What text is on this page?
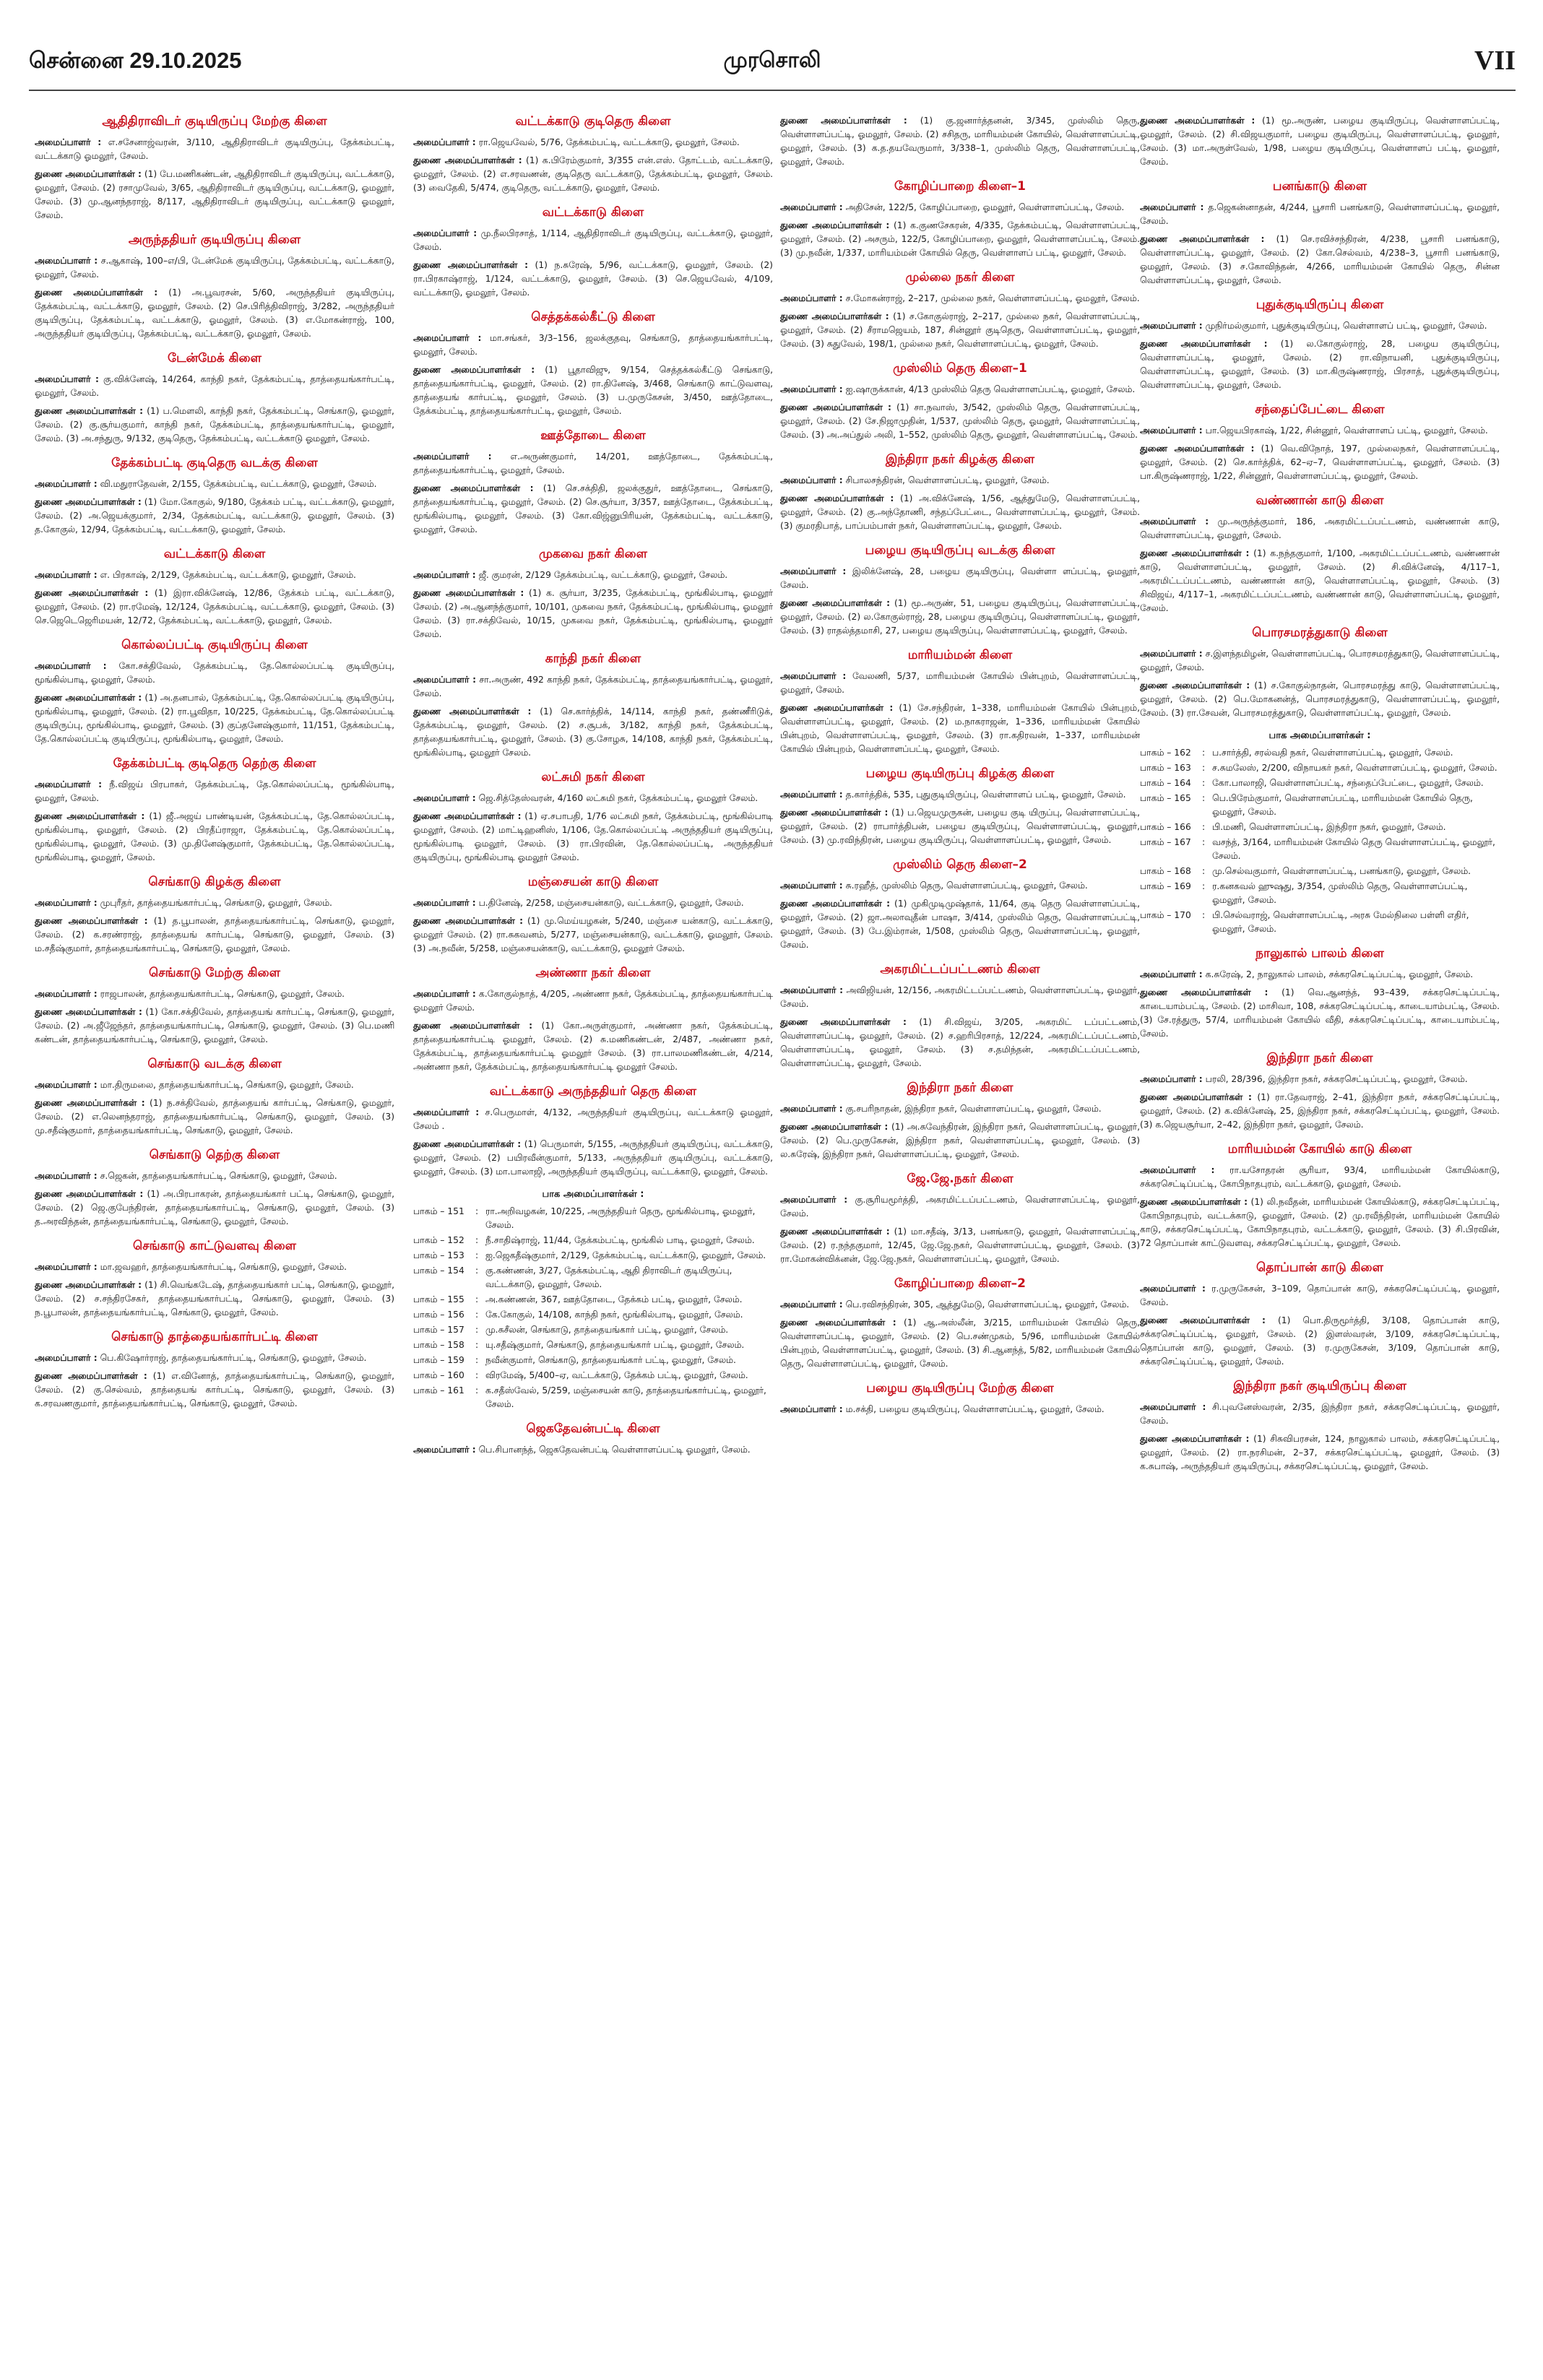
சென்னை 29.10.2025	முரசொலி	VII
ஆதிதிராவிடர் குடியிருப்பு மேற்கு கிளை

அமைப்பாளர் : எ.சசேனாஜ்வரன், 3/110, ஆதிதிராவிடர் குடியிருப்பு, தேக்கம்பட்டி, வட்டக்காடு ஓமலூர், சேலம்.

துணை அமைப்பாளர்கள் : (1) பே.மணிகண்டன், ஆதிதிராவிடர் குடியிருப்பு, வட்டக்காடு, ஓமலூர், சேலம். (2) ரசாமுவேல், 3/65, ஆதிதிராவிடர் குடியிருப்பு, வட்டக்காடு, ஓமலூர், சேலம். (3) மு.ஆனந்தராஜ், 8/117, ஆதிதிராவிடர் குடியிருப்பு, வட்டக்காடு ஓமலூர், சேலம்.

அருந்ததியர் குடியிருப்பு கிளை

அமைப்பாளர் : ச.ஆகாஷ், 100–எ/பி, டேன்மேக் குடியிருப்பு, தேக்கம்பட்டி, வட்டக்காடு, ஓமலூர், சேலம்.

துணை அமைப்பாளர்கள் : (1) அ.பூவரசன், 5/60, அருந்ததியர் குடியிருப்பு, தேக்கம்பட்டி, வட்டக்காடு, ஓமலூர், சேலம். (2) செ.பிரித்திவிராஜ், 3/282, அருந்ததியர் குடியிருப்பு, தேக்கம்பட்டி, வட்டக்காடு, ஓமலூர், சேலம். (3) எ.மோகன்ராஜ், 100, அருந்ததியர் குடியிருப்பு, தேக்கம்பட்டி, வட்டக்காடு, ஓமலூர், சேலம்.

டேன்மேக் கிளை

அமைப்பாளர் : கு.விக்னேஷ், 14/264, காந்தி நகர், தேக்கம்பட்டி, தாத்தையங்கார்பட்டி, ஓமலூர், சேலம்.

துணை அமைப்பாளர்கள் : (1) ப.மௌலி, காந்தி நகர், தேக்கம்பட்டி, செங்காடு, ஓமலூர், சேலம். (2) கு.சூர்யகுமார், காந்தி நகர், தேக்கம்பட்டி, தாத்தையங்கார்பட்டி, ஓமலூர், சேலம். (3) அ.சந்துரு, 9/132, குடிதெரு, தேக்கம்பட்டி, வட்டக்காடு ஓமலூர், சேலம்.

தேக்கம்பட்டி குடிதெரு வடக்கு கிளை

அமைப்பாளர் : வி.மதுராதேவன், 2/155, தேக்கம்பட்டி, வட்டக்காடு, ஓமலூர், சேலம்.

துணை அமைப்பாளர்கள் : (1) மோ.கோகுல், 9/180, தேக்கம் பட்டி, வட்டக்காடு, ஓமலூர், சேலம். (2) அ.ஜெயக்குமார், 2/34, தேக்கம்பட்டி, வட்டக்காடு, ஓமலூர், சேலம். (3) த.கோகுல், 12/94, தேக்கம்பட்டி, வட்டக்காடு, ஓமலூர், சேலம்.

வட்டக்காடு கிளை

அமைப்பாளர் : எ. பிரகாஷ், 2/129, தேக்கம்பட்டி, வட்டக்காடு, ஓமலூர், சேலம்.

துணை அமைப்பாளர்கள் : (1) இரா.விக்னேஷ், 12/86, தேக்கம் பட்டி, வட்டக்காடு, ஓமலூர், சேலம். (2) ரா.ரமேஷ், 12/124, தேக்கம்பட்டி, வட்டக்காடு, ஓமலூர், சேலம். (3) செ.ஜெடெஜெரிமயன், 12/72, தேக்கம்பட்டி, வட்டக்காடு, ஓமலூர், சேலம்.

கொல்லப்பட்டி குடியிருப்பு கிளை

அமைப்பாளர் : கோ.சக்திவேல், தேக்கம்பட்டி, தே.கொல்லப்பட்டி குடியிருப்பு, மூங்கில்பாடி, ஓமலூர், சேலம்.

துணை அமைப்பாளர்கள் : (1) அ.தனபால், தேக்கம்பட்டி, தே.கொல்லப்பட்டி குடியிருப்பு, மூங்கில்பாடி, ஓமலூர், சேலம். (2) ரா.பூவிதா, 10/225, தேக்கம்பட்டி, தே.கொல்லப்பட்டி குடியிருப்பு, மூங்கில்பாடி, ஓமலூர், சேலம். (3) குப்தனேஷ்குமார், 11/151, தேக்கம்பட்டி, தே.கொல்லப்பட்டி குடியிருப்பு, மூங்கில்பாடி, ஓமலூர், சேலம்.

தேக்கம்பட்டி குடிதெரு தெற்கு கிளை

அமைப்பாளர் : நீ.விஜய் பிரபாகர், தேக்கம்பட்டி, தே.கொல்லப்பட்டி, மூங்கில்பாடி, ஓமலூர், சேலம்.

துணை அமைப்பாளர்கள் : (1) ஜீ.அஜய் பாண்டியன், தேக்கம்பட்டி, தே.கொல்லப்பட்டி, மூங்கில்பாடி, ஓமலூர், சேலம். (2) பிரதீப்ராஜா, தேக்கம்பட்டி, தே.கொல்லப்பட்டி, மூங்கில்பாடி, ஓமலூர், சேலம். (3) மு.தினேஷ்குமார், தேக்கம்பட்டி, தே.கொல்லப்பட்டி, மூங்கில்பாடி, ஓமலூர், சேலம்.

செங்காடு கிழக்கு கிளை

அமைப்பாளர் : முபுரீதர், தாத்தையங்கார்பட்டி, செங்காடு, ஓமலூர், சேலம்.

துணை அமைப்பாளர்கள் : (1) த.பூபாலன், தாத்தையங்கார்பட்டி, செங்காடு, ஓமலூர், சேலம். (2) க.சரண்ராஜ், தாத்தையங் கார்பட்டி, செங்காடு, ஓமலூர், சேலம். (3) ம.சதீஷ்குமார், தாத்தையங்கார்பட்டி, செங்காடு, ஓமலூர், சேலம்.

செங்காடு மேற்கு கிளை

அமைப்பாளர் : ராஜபாலன், தாத்தையங்கார்பட்டி, செங்காடு, ஓமலூர், சேலம்.

துணை அமைப்பாளர்கள் : (1) கோ.சக்திவேல், தாத்தையங் கார்பட்டி, செங்காடு, ஓமலூர், சேலம். (2) அ.ஜீஜேந்தர், தாத்தையங்கார்பட்டி, செங்காடு, ஓமலூர், சேலம். (3) பெ.மணி கண்டன், தாத்தையங்கார்பட்டி, செங்காடு, ஓமலூர், சேலம்.

செங்காடு வடக்கு கிளை

அமைப்பாளர் : மா.திருமலை, தாத்தையங்கார்பட்டி, செங்காடு, ஓமலூர், சேலம்.

துணை அமைப்பாளர்கள் : (1) ந.சக்திவேல், தாத்தையங் கார்பட்டி, செங்காடு, ஓமலூர், சேலம். (2) எ.லெனந்தராஜ், தாத்தையங்கார்பட்டி, செங்காடு, ஓமலூர், சேலம். (3) மு.சதீஷ்குமார், தாத்தையங்கார்பட்டி, செங்காடு, ஓமலூர், சேலம்.

செங்காடு தெற்கு கிளை

அமைப்பாளர் : ச.ஜெகன், தாத்தையங்கார்பட்டி, செங்காடு, ஓமலூர், சேலம்.

துணை அமைப்பாளர்கள் : (1) அ.பிரபாகரன், தாத்தையங்கார் பட்டி, செங்காடு, ஓமலூர், சேலம். (2) ஜெ.குபேந்திரன், தாத்தையங்கார்பட்டி, செங்காடு, ஓமலூர், சேலம். (3) த.அரவிந்தன், தாத்தையங்கார்பட்டி, செங்காடு, ஓமலூர், சேலம்.

செங்காடு காட்டுவளவு கிளை

அமைப்பாளர் : மா.ஜவஹர், தாத்தையங்கார்பட்டி, செங்காடு, ஓமலூர், சேலம்.

துணை அமைப்பாளர்கள் : (1) சி.வெங்கடேஷ், தாத்தையங்கார் பட்டி, செங்காடு, ஓமலூர், சேலம். (2) ச.சந்திரசேகர், தாத்தையங்கார்பட்டி, செங்காடு, ஓமலூர், சேலம். (3) ந.பூபாலன், தாத்தையங்கார்பட்டி, செங்காடு, ஓமலூர், சேலம்.

செங்காடு தாத்தையங்கார்பட்டி கிளை

அமைப்பாளர் : பெ.கிஷோர்ராஜ், தாத்தையங்கார்பட்டி, செங்காடு, ஓமலூர், சேலம்.

துணை அமைப்பாளர்கள் : (1) எ.வினோத், தாத்தையங்கார்பட்டி, செங்காடு, ஓமலூர், சேலம். (2) கு.செல்வம், தாத்தையங் கார்பட்டி, செங்காடு, ஓமலூர், சேலம். (3) க.சரவணகுமார், தாத்தையங்கார்பட்டி, செங்காடு, ஓமலூர், சேலம்.

வட்டக்காடு குடிதெரு கிளை

அமைப்பாளர் : ரா.ஜெயவேல், 5/76, தேக்கம்பட்டி, வட்டக்காடு, ஓமலூர், சேலம்.

துணை அமைப்பாளர்கள் : (1) க.பிரேம்குமார், 3/355 என்.எஸ். தோட்டம், வட்டக்காடு, ஓமலூர், சேலம். (2) எ.சரவணன், குடிதெரு வட்டக்காடு, தேக்கம்பட்டி, ஓமலூர், சேலம். (3) வைதேகி, 5/474, குடிதெரு, வட்டக்காடு, ஓமலூர், சேலம்.

வட்டக்காடு கிளை

அமைப்பாளர் : மு.நீலபிரசாத், 1/114, ஆதிதிராவிடர் குடியிருப்பு, வட்டக்காடு, ஓமலூர், சேலம்.

துணை அமைப்பாளர்கள் : (1) ந.சுரேஷ், 5/96, வட்டக்காடு, ஓமலூர், சேலம். (2) ரா.பிரகாஷ்ராஜ், 1/124, வட்டக்காடு, ஓமலூர், சேலம். (3) செ.ஜெயவேல், 4/109, வட்டக்காடு, ஓமலூர், சேலம்.

செத்தக்கல்கீட்டு கிளை

அமைப்பாளர் : மா.சங்கர், 3/3–156, ஜலக்குதவு, செங்காடு, தாத்தையங்கார்பட்டி, ஓமலூர், சேலம்.

துணை அமைப்பாளர்கள் : (1) பூதாவிஜு, 9/154, செத்தக்கல்கீட்டு செங்காடு, தாத்தையங்கார்பட்டி, ஓமலூர், சேலம். (2) ரா.தினேஷ், 3/468, செங்காடு காட்டுவளவு, தாத்தையங் கார்பட்டி, ஓமலூர், சேலம். (3) ப.முருகேசன், 3/450, ஊத்தோடை, தேக்கம்பட்டி, தாத்தையங்கார்பட்டி, ஓமலூர், சேலம்.

ஊத்தோடை கிளை

அமைப்பாளர் : எ.அருண்குமார், 14/201, ஊத்தோடை, தேக்கம்பட்டி, தாத்தையங்கார்பட்டி, ஓமலூர், சேலம்.

துணை அமைப்பாளர்கள் : (1) செ.சக்திதி, ஜலக்குதுர், ஊத்தோடை, செங்காடு, தாத்தையங்கார்பட்டி, ஓமலூர், சேலம். (2) செ.சூர்யா, 3/357, ஊத்தோடை, தேக்கம்பட்டி, மூங்கில்பாடி, ஓமலூர், சேலம். (3) கோ.விஜ்னுபிரியன், தேக்கம்பட்டி, வட்டக்காடு, ஓமலூர், சேலம்.

முகவை நகர் கிளை

அமைப்பாளர் : ஜீ. குமரன், 2/129 தேக்கம்பட்டி, வட்டக்காடு, ஓமலூர், சேலம்.

துணை அமைப்பாளர்கள் : (1) க. சூர்யா, 3/235, தேக்கம்பட்டி, மூங்கில்பாடி, ஓமலூர் சேலம். (2) அ.ஆனந்த்குமார், 10/101, முகவை நகர், தேக்கம்பட்டி, மூங்கில்பாடி, ஓமலூர் சேலம். (3) ரா.சக்திவேல், 10/15, முகவை நகர், தேக்கம்பட்டி, மூங்கில்பாடி, ஓமலூர் சேலம்.

காந்தி நகர் கிளை

அமைப்பாளர் : சா.அருண், 492 காந்தி நகர், தேக்கம்பட்டி, தாத்தையங்கார்பட்டி, ஓமலூர், சேலம்.

துணை அமைப்பாளர்கள் : (1) செ.கார்த்திக், 14/114, காந்தி நகர், தண்ணீரிடுக், தேக்கம்பட்டி, ஓமலூர், சேலம். (2) ச.சூபக், 3/182, காந்தி நகர், தேக்கம்பட்டி, தாத்தையங்கார்பட்டி, ஓமலூர், சேலம். (3) கு.சோழசு, 14/108, காந்தி நகர், தேக்கம்பட்டி, மூங்கில்பாடி, ஓமலூர் சேலம்.

லட்சுமி நகர் கிளை

அமைப்பாளர் : ஜெ.சித்தேஸ்வரன், 4/160 லட்சுமி நகர், தேக்கம்பட்டி, ஓமலூர் சேலம்.

துணை அமைப்பாளர்கள் : (1) ஏ.சபாபதி, 1/76 லட்சுமி நகர், தேக்கம்பட்டி, மூங்கில்பாடி ஓமலூர், சேலம். (2) மாட்டிஹனிஸ், 1/106, தே.கொல்லப்பட்டி அருந்ததியர் குடியிருப்பு, மூங்கில்பாடி ஓமலூர், சேலம். (3) ரா.பிரவின், தே.கொல்லப்பட்டி, அருந்ததியர் குடியிருப்பு, மூங்கில்பாடி ஓமலூர் சேலம்.

மஞ்சையன் காடு கிளை

அமைப்பாளர் : ப.தினேஷ், 2/258, மஞ்சையன்காடு, வட்டக்காடு, ஓமலூர், சேலம்.

துணை அமைப்பாளர்கள் : (1) மு.மெய்யழகன், 5/240, மஞ்சை யன்காடு, வட்டக்காடு, ஓமலூர் சேலம். (2) ரா.சுகவனம், 5/277, மஞ்சையன்காடு, வட்டக்காடு, ஓமலூர், சேலம். (3) அ.நவீன், 5/258, மஞ்சையன்காடு, வட்டக்காடு, ஓமலூர் சேலம்.

அண்ணா நகர் கிளை

அமைப்பாளர் : க.கோகுல்நாத், 4/205, அண்ணா நகர், தேக்கம்பட்டி, தாத்தையங்கார்பட்டி ஓமலூர் சேலம்.

துணை அமைப்பாளர்கள் : (1) கோ.அருள்குமார், அண்ணா நகர், தேக்கம்பட்டி, தாத்தையங்கார்பட்டி ஓமலூர், சேலம். (2) சு.மணிகண்டன், 2/487, அண்ணா நகர், தேக்கம்பட்டி, தாத்தையங்கார்பட்டி ஓமலூர் சேலம். (3) ரா.பாலமணிகண்டன், 4/214, அண்ணா நகர், தேக்கம்பட்டி, தாத்தையங்கார்பட்டி ஓமலூர் சேலம்.

வட்டக்காடு அருந்ததியர் தெரு கிளை

அமைப்பாளர் : ச.பெருமாள், 4/132, அருந்ததியர் குடியிருப்பு, வட்டக்காடு ஓமலூர், சேலம் .

துணை அமைப்பாளர்கள் : (1) பெருமாள், 5/155, அருந்ததியர் குடியிருப்பு, வட்டக்காடு, ஓமலூர், சேலம். (2) பயிரவீன்குமார், 5/133, அருந்ததியர் குடியிருப்பு, வட்டக்காடு, ஓமலூர், சேலம். (3) மா.பாலாஜி, அருந்ததியர் குடியிருப்பு, வட்டக்காடு, ஓமலூர், சேலம்.

பாக அமைப்பாளர்கள் :
பாகம் – 151	: ரா.அறிவழகன், 10/225, அருந்ததியர் தெரு, மூங்கில்பாடி, ஓமலூர், சேலம்.
பாகம் – 152	: நீ.சாதிஷ்ராஜ், 11/44, தேக்கம்பட்டி, மூங்கில் பாடி, ஓமலூர், சேலம்.
பாகம் – 153	: ஐ.ஜெகதீஷ்குமார், 2/129, தேக்கம்பட்டி, வட்டக்காடு, ஓமலூர், சேலம்.
பாகம் – 154	: கு.கண்ணன், 3/27, தேக்கம்பட்டி, ஆதி திராவிடர் குடியிருப்பு, வட்டக்காடு, ஓமலூர், சேலம்.
பாகம் – 155	: அ.கண்ணன், 367, ஊத்தோடை, தேக்கம் பட்டி, ஓமலூர், சேலம்.
பாகம் – 156	: கே.கோகுல், 14/108, காந்தி நகர், மூங்கில்பாடி, ஓமலூர், சேலம்.
பாகம் – 157	: மு.சுசீலன், செங்காடு, தாத்தையங்கார் பட்டி, ஓமலூர், சேலம்.
பாகம் – 158	: யு.சதீஷ்குமார், செங்காடு, தாத்தையங்கார் பட்டி, ஓமலூர், சேலம்.
பாகம் – 159	: நவீன்குமார், செங்காடு, தாத்தையங்கார் பட்டி, ஓமலூர், சேலம்.
பாகம் – 160	: விரமேஷ், 5/400–ஏ, வட்டக்காடு, தேக்கம் பட்டி, ஓமலூர், சேலம்.
பாகம் – 161	: க.சதீஸ்வேல், 5/259, மஞ்சையன் காடு, தாத்தையங்கார்பட்டி, ஓமலூர், சேலம்.
ஜெகதேவன்பட்டி கிளை

அமைப்பாளர் : பெ.சிபானந்த், ஜெகதேவன்பட்டி வெள்ளாளப்பட்டி ஓமலூர், சேலம்.

துணை அமைப்பாளர்கள் : (1) கு.ஜனார்த்தனன், 3/345, முஸ்லிம் தெரு, வெள்ளாளப்பட்டி, ஓமலூர், சேலம். (2) சசிதரு, மாரியம்மன் கோயில், வெள்ளாளப்பட்டி, ஓமலூர், சேலம். (3) க.த.தயவேருமார், 3/338–1, முஸ்லிம் தெரு, வெள்ளாளப்பட்டி, ஓமலூர், சேலம்.

கோழிப்பாறை கிளை–1

அமைப்பாளர் : அதிசேன், 122/5, கோழிப்பாறை, ஓமலூர், வெள்ளாளப்பட்டி, சேலம்.

துணை அமைப்பாளர்கள் : (1) க.குணசேகரன், 4/335, தேக்கம்பட்டி, வெள்ளாளப்பட்டி, ஓமலூர், சேலம். (2) அசரும், 122/5, கோழிப்பாறை, ஓமலூர், வெள்ளாளப்பட்டி, சேலம். (3) மு.நவீன், 1/337, மாரியம்மன் கோயில் தெரு, வெள்ளாளப் பட்டி, ஓமலூர், சேலம்.

முல்லை நகர் கிளை

அமைப்பாளர் : ச.மோகன்ராஜ், 2–217, முல்லை நகர், வெள்ளாளப்பட்டி, ஓமலூர், சேலம்.

துணை அமைப்பாளர்கள் : (1) ச.கோகுல்ராஜ், 2–217, முல்லை நகர், வெள்ளாளப்பட்டி, ஓமலூர், சேலம். (2) சீராமஜெயம், 187, சின்னூர் குடிதெரு, வெள்ளாளப்பட்டி, ஓமலூர், சேலம். (3) சுதுவேல், 198/1, முல்லை நகர், வெள்ளாளப்பட்டி, ஓமலூர், சேலம்.

முஸ்லிம் தெரு கிளை–1

அமைப்பாளர் : ஐ.ஷாருக்கான், 4/13 முஸ்லிம் தெரு வெள்ளாளப்பட்டி, ஓமலூர், சேலம்.

துணை அமைப்பாளர்கள் : (1) சா.நவாஸ், 3/542, முஸ்லிம் தெரு, வெள்ளாளப்பட்டி, ஓமலூர், சேலம். (2) சே.நிஜாமுதின், 1/537, முஸ்லிம் தெரு, ஓமலூர், வெள்ளாளப்பட்டி, சேலம். (3) அ.அப்துல் அலி, 1–552, முஸ்லிம் தெரு, ஓமலூர், வெள்ளாளப்பட்டி, சேலம்.

இந்திரா நகர் கிழக்கு கிளை

அமைப்பாளர் : சிபாலசந்திரன், வெள்ளாளப்பட்டி, ஓமலூர், சேலம்.

துணை அமைப்பாளர்கள் : (1) அ.விக்னேஷ், 1/56, ஆத்துமேடு, வெள்ளாளப்பட்டி, ஓமலூர், சேலம். (2) கு.அந்தோணி, சந்தப்பேட்டை, வெள்ளாளப்பட்டி, ஓமலூர், சேலம். (3) குமரதிபாத், பாப்பம்பாள் நகர், வெள்ளாளப்பட்டி, ஓமலூர், சேலம்.

பழைய குடியிருப்பு வடக்கு கிளை

அமைப்பாளர் : இலிக்னேஷ், 28, பழைய குடியிருப்பு, வெள்ளா ளப்பட்டி, ஓமலூர், சேலம்.

துணை அமைப்பாளர்கள் : (1) மூ.அருண், 51, பழைய குடியிருப்பு, வெள்ளாளப்பட்டி, ஓமலூர், சேலம். (2) ல.கோகுல்ராஜ், 28, பழைய குடியிருப்பு, வெள்ளாளப்பட்டி, ஓமலூர், சேலம். (3) ராதல்த்தமாசி, 27, பழைய குடியிருப்பு, வெள்ளாளப்பட்டி, ஓமலூர், சேலம்.

மாரியம்மன் கிளை

அமைப்பாளர் : வேலணி, 5/37, மாரியம்மன் கோயில் பின்புறம், வெள்ளாளப்பட்டி, ஓமலூர், சேலம்.

துணை அமைப்பாளர்கள் : (1) சே.சந்திரன், 1–338, மாரியம்மன் கோயில் பின்புறம், வெள்ளாளப்பட்டி, ஓமலூர், சேலம். (2) ம.நாகராஜன், 1–336, மாரியம்மன் கோயில் பின்புறம், வெள்ளாளப்பட்டி, ஓமலூர், சேலம். (3) ரா.கதிரவன், 1–337, மாரியம்மன் கோயில் பின்புறம், வெள்ளாளப்பட்டி, ஓமலூர், சேலம்.

பழைய குடியிருப்பு கிழக்கு கிளை

அமைப்பாளர் : த.கார்த்திக், 535, புதுகுடியிருப்பு, வெள்ளாளப் பட்டி, ஓமலூர், சேலம்.

துணை அமைப்பாளர்கள் : (1) ப.ஜெயமுருகன், பழைய குடி யிருப்பு, வெள்ளாளப்பட்டி, ஓமலூர், சேலம். (2) ராபார்த்திபன், பழைய குடியிருப்பு, வெள்ளாளப்பட்டி, ஓமலூர், சேலம். (3) மு.ரவிந்திரன், பழைய குடியிருப்பு, வெள்ளாளப்பட்டி, ஓமலூர், சேலம்.

முஸ்லிம் தெரு கிளை–2

அமைப்பாளர் : சு.ரஹீத், முஸ்லிம் தெரு, வெள்ளாளப்பட்டி, ஓமலூர், சேலம்.

துணை அமைப்பாளர்கள் : (1) முகிமுடிமுஷ்தாக், 11/64, குடி தெரு வெள்ளாளப்பட்டி, ஓமலூர், சேலம். (2) ஜா.அலாவுதீன் பாஷா, 3/414, முஸ்லிம் தெரு, வெள்ளாளப்பட்டி, ஓமலூர், சேலம். (3) பே.இம்ரான், 1/508, முஸ்லிம் தெரு, வெள்ளாளப்பட்டி, ஓமலூர், சேலம்.

அகரமிட்டப்பட்டணம் கிளை

அமைப்பாளர் : அவிஜியன், 12/156, அகரமிட்டப்பட்டணம், வெள்ளாளப்பட்டி, ஓமலூர், சேலம்.

துணை அமைப்பாளர்கள் : (1) சி.விஜய், 3/205, அகரமிட் டப்பட்டணம், வெள்ளாளப்பட்டி, ஓமலூர், சேலம். (2) ச.ஹரிபிரசாத், 12/224, அகரமிட்டப்பட்டணம், வெள்ளாளப்பட்டி, ஓமலூர், சேலம். (3) ச.தமிந்தன், அகரமிட்டப்பட்டணம், வெள்ளாளப்பட்டி, ஓமலூர், சேலம்.

இந்திரா நகர் கிளை

அமைப்பாளர் : கு.சபரிநாதன், இந்திரா நகர், வெள்ளாளப்பட்டி, ஓமலூர், சேலம்.

துணை அமைப்பாளர்கள் : (1) அ.சுவேந்திரன், இந்திரா நகர், வெள்ளாளப்பட்டி, ஓமலூர், சேலம். (2) பெ.முருகேசன், இந்திரா நகர், வெள்ளாளப்பட்டி, ஓமலூர், சேலம். (3) ல.சுரேஷ், இந்திரா நகர், வெள்ளாளப்பட்டி, ஓமலூர், சேலம்.

ஜே.ஜே.நகர் கிளை

அமைப்பாளர் : கு.சூரியமூர்த்தி, அகரமிட்டப்பட்டணம், வெள்ளாளப்பட்டி, ஓமலூர், சேலம்.

துணை அமைப்பாளர்கள் : (1) மா.சதீஷ், 3/13, பனங்காடு, ஓமலூர், வெள்ளாளப்பட்டி, சேலம். (2) ர.நந்தகுமார், 12/45, ஜே.ஜே.நகர், வெள்ளாளப்பட்டி, ஓமலூர், சேலம். (3) ரா.மோகன்விக்னன், ஜே.ஜே.நகர், வெள்ளாளப்பட்டி, ஓமலூர், சேலம்.

கோழிப்பாறை கிளை–2

அமைப்பாளர் : பெ.ரவிசந்திரன், 305, ஆத்துமேடு, வெள்ளாளப்பட்டி, ஓமலூர், சேலம்.

துணை அமைப்பாளர்கள் : (1) ஆ.அஸ்லீன், 3/215, மாரியம்மன் கோயில் தெரு, வெள்ளாளப்பட்டி, ஓமலூர், சேலம். (2) பெ.சண்முகம், 5/96, மாரியம்மன் கோயில் பின்புறம், வெள்ளாளப்பட்டி, ஓமலூர், சேலம். (3) சி.ஆனந்த், 5/82, மாரியம்மன் கோயில் தெரு, வெள்ளாளப்பட்டி, ஓமலூர், சேலம்.

பழைய குடியிருப்பு மேற்கு கிளை

அமைப்பாளர் : ம.சக்தி, பழைய குடியிருப்பு, வெள்ளாளப்பட்டி, ஓமலூர், சேலம்.

துணை அமைப்பாளர்கள் : (1) மூ.அருண், பழைய குடியிருப்பு, வெள்ளாளப்பட்டி, ஓமலூர், சேலம். (2) சி.விஜயகுமார், பழைய குடியிருப்பு, வெள்ளாளப்பட்டி, ஓமலூர், சேலம். (3) மா.அருள்வேல், 1/98, பழைய குடியிருப்பு, வெள்ளாளப் பட்டி, ஓமலூர், சேலம்.

பனங்காடு கிளை

அமைப்பாளர் : த.ஜெகன்னாதன், 4/244, பூசாரி பனங்காடு, வெள்ளாளப்பட்டி, ஓமலூர், சேலம்.

துணை அமைப்பாளர்கள் : (1) செ.ரவிச்சந்திரன், 4/238, பூசாரி பனங்காடு, வெள்ளாளப்பட்டி, ஓமலூர், சேலம். (2) கோ.செல்வம், 4/238–3, பூசாரி பனங்காடு, ஓமலூர், சேலம். (3) ச.கோவிந்தன், 4/266, மாரியம்மன் கோயில் தெரு, சின்ன வெள்ளாளப்பட்டி, ஓமலூர், சேலம்.

புதுக்குடியிருப்பு கிளை

அமைப்பாளர் : முநிர்மல்குமார், புதுக்குடியிருப்பு, வெள்ளாளப் பட்டி, ஓமலூர், சேலம்.

துணை அமைப்பாளர்கள் : (1) ல.கோகுல்ராஜ், 28, பழைய குடியிருப்பு, வெள்ளாளப்பட்டி, ஓமலூர், சேலம். (2) ரா.விநாயனி, புதுக்குடியிருப்பு, வெள்ளாளப்பட்டி, ஓமலூர், சேலம். (3) மா.கிருஷ்ணராஜ், பிரசாத், புதுக்குடியிருப்பு, வெள்ளாளப்பட்டி, ஓமலூர், சேலம்.

சந்தைப்பேட்டை கிளை

அமைப்பாளர் : பா.ஜெயபிரகாஷ், 1/22, சின்னூர், வெள்ளாளப் பட்டி, ஓமலூர், சேலம்.

துணை அமைப்பாளர்கள் : (1) வெ.விநோத், 197, முல்லைநகர், வெள்ளாளப்பட்டி, ஓமலூர், சேலம். (2) செ.கார்த்திக், 62–ஏ–7, வெள்ளாளப்பட்டி, ஓமலூர், சேலம். (3) பா.கிருஷ்ணராஜ், 1/22, சின்னூர், வெள்ளாளப்பட்டி, ஓமலூர், சேலம்.

வண்ணான் காடு கிளை

அமைப்பாளர் : மு.அருந்த்குமார், 186, அகரமிட்டப்பட்டணம், வண்ணான் காடு, வெள்ளாளப்பட்டி, ஓமலூர், சேலம்.

துணை அமைப்பாளர்கள் : (1) க.நந்தகுமார், 1/100, அகரமிட்டப்பட்டணம், வண்ணான் காடு, வெள்ளாளப்பட்டி, ஓமலூர், சேலம். (2) சி.விக்னேஷ், 4/117–1, அகரமிட்டப்பட்டணம், வண்ணான் காடு, வெள்ளாளப்பட்டி, ஓமலூர், சேலம். (3) சிவிஜய், 4/117–1, அகரமிட்டப்பட்டணம், வண்ணான் காடு, வெள்ளாளப்பட்டி, ஓமலூர், சேலம்.

பொரசமரத்துகாடு கிளை

அமைப்பாளர் : ச.இளந்தமிழன், வெள்ளாளப்பட்டி, பொரசமரத்துகாடு, வெள்ளாளப்பட்டி, ஓமலூர், சேலம்.

துணை அமைப்பாளர்கள் : (1) ச.கோகுல்நாதன், பொரசமரத்து காடு, வெள்ளாளப்பட்டி, ஓமலூர், சேலம். (2) பெ.மோகனன்த், பொரசமரத்துகாடு, வெள்ளாளப்பட்டி, ஓமலூர், சேலம். (3) ரா.சேவன், பொரசமரத்துகாடு, வெள்ளாளப்பட்டி, ஓமலூர், சேலம்.

பாக அமைப்பாளர்கள் :
பாகம் – 162	: ப.சார்த்தி, சரல்வதி நகர், வெள்ளாளப்பட்டி, ஓமலூர், சேலம்.
பாகம் – 163	: ச.சுமலேஸ், 2/200, விநாயகர் நகர், வெள்ளாளப்பட்டி, ஓமலூர், சேலம்.
பாகம் – 164	: கோ.பாலாஜி, வெள்ளாளப்பட்டி, சந்தைப்பேட்டை, ஓமலூர், சேலம்.
பாகம் – 165	: பெ.பிரேம்குமார், வெள்ளாளப்பட்டி, மாரியம்மன் கோயில் தெரு, ஓமலூர், சேலம்.
பாகம் – 166	: பி.மணி, வெள்ளாளப்பட்டி, இந்திரா நகர், ஓமலூர், சேலம்.
பாகம் – 167	: வசந்த், 3/164, மாரியம்மன் கோயில் தெரு வெள்ளாளப்பட்டி, ஓமலூர், சேலம்.
பாகம் – 168	: மு.செல்வகுமார், வெள்ளாளப்பட்டி, பனங்காடு, ஓமலூர், சேலம்.
பாகம் – 169	: ர.கனகவல் ஹுஷது, 3/354, முஸ்லிம் தெரு, வெள்ளாளப்பட்டி, ஓமலூர், சேலம்.
பாகம் – 170	: பி.செல்வராஜ், வெள்ளாளப்பட்டி, அரசு மேல்நிலை பள்ளி எதிர், ஓமலூர், சேலம்.
நாலுகால் பாலம் கிளை

அமைப்பாளர் : க.சுரேஷ், 2, நாலுகால் பாலம், சக்கரசெட்டிப்பட்டி, ஓமலூர், சேலம்.

துணை அமைப்பாளர்கள் : (1) வெ.ஆனந்த், 93–439, சக்கரசெட்டிப்பட்டி, காடையாம்பட்டி, சேலம். (2) மாசிவா, 108, சக்கரசெட்டிப்பட்டி, காடையாம்பட்டி, சேலம். (3) சே.ரத்துரு, 57/4, மாரியம்மன் கோயில் வீதி, சக்கரசெட்டிப்பட்டி, காடையாம்பட்டி, சேலம்.

இந்திரா நகர் கிளை

அமைப்பாளர் : பரலி, 28/396, இந்திரா நகர், சக்கரசெட்டிப்பட்டி, ஓமலூர், சேலம்.

துணை அமைப்பாளர்கள் : (1) ரா.தேவராஜ், 2–41, இந்திரா நகர், சக்கரசெட்டிப்பட்டி, ஓமலூர், சேலம். (2) க.விக்னேஷ், 25, இந்திரா நகர், சக்கரசெட்டிப்பட்டி, ஓமலூர், சேலம். (3) க.ஜெயசூர்யா, 2–42, இந்திரா நகர், ஓமலூர், சேலம்.

மாரியம்மன் கோயில் காடு கிளை

அமைப்பாளர் : ரா.யசோதரன் சூரியா, 93/4, மாரியம்மன் கோயில்காடு, சக்கரசெட்டிப்பட்டி, கோபிநாதபுரம், வட்டக்காடு, ஓமலூர், சேலம்.

துணை அமைப்பாளர்கள் : (1) லி.நவீதன், மாரியம்மன் கோயில்காடு, சக்கரசெட்டிப்பட்டி, கோபிநாதபுரம், வட்டக்காடு, ஓமலூர், சேலம். (2) மு.ரவீந்திரன், மாரியம்மன் கோயில் காடு, சக்கரசெட்டிப்பட்டி, கோபிநாதபுரம், வட்டக்காடு, ஓமலூர், சேலம். (3) சி.பிரவின், 72 தொப்பான் காட்டுவளவு, சக்கரசெட்டிப்பட்டி, ஓமலூர், சேலம்.

தொப்பான் காடு கிளை

அமைப்பாளர் : ர.முருகேசன், 3–109, தொப்பான் காடு, சக்கரசெட்டிப்பட்டி, ஓமலூர், சேலம்.

துணை அமைப்பாளர்கள் : (1) பொ.திருமூர்த்தி, 3/108, தொப்பான் காடு, சக்கரசெட்டிப்பட்டி, ஓமலூர், சேலம். (2) இளஸ்வரன், 3/109, சக்கரசெட்டிப்பட்டி, தொப்பான் காடு, ஓமலூர், சேலம். (3) ர.முருகேசன், 3/109, தொப்பான் காடு, சக்கரசெட்டிப்பட்டி, ஓமலூர், சேலம்.

இந்திரா நகர் குடியிருப்பு கிளை

அமைப்பாளர் : சி.புவனேஸ்வரன், 2/35, இந்திரா நகர், சக்கரசெட்டிப்பட்டி, ஓமலூர், சேலம்.

துணை அமைப்பாளர்கள் : (1) சிசுவிபரசன், 124, நாலுகால் பாலம், சக்கரசெட்டிப்பட்டி, ஓமலூர், சேலம். (2) ரா.நரசிமன், 2–37, சக்கரசெட்டிப்பட்டி, ஓமலூர், சேலம். (3) க.சுபாஷ், அருந்ததியர் குடியிருப்பு, சக்கரசெட்டிப்பட்டி, ஓமலூர், சேலம்.
